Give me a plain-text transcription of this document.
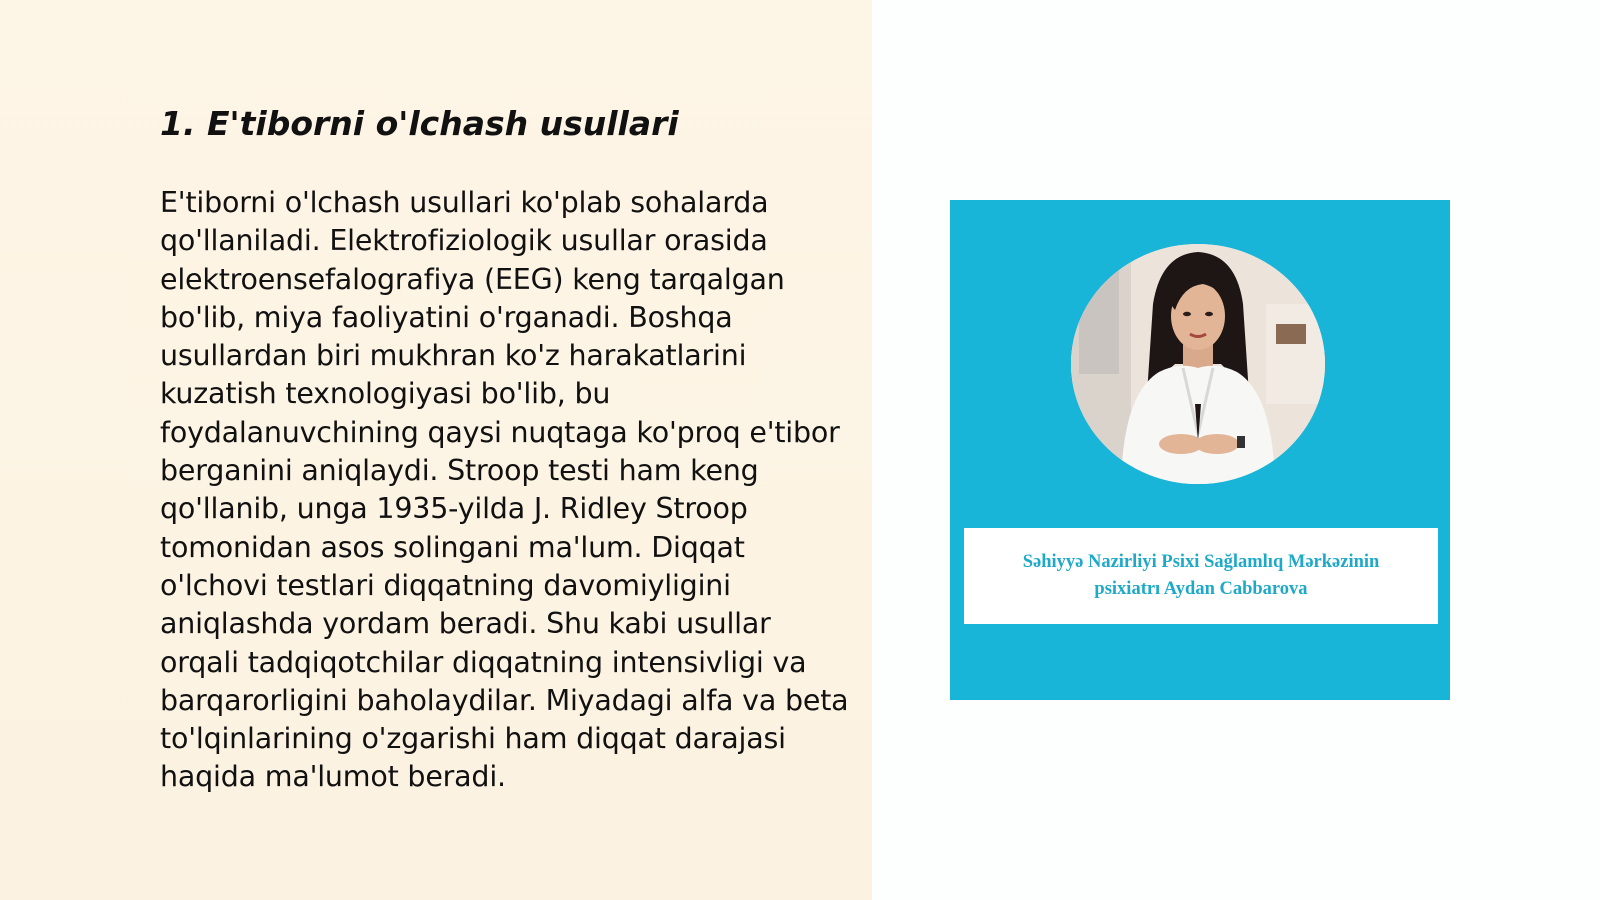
1. E'tiborni o'lchash usullari

E'tiborni o'lchash usullari ko'plab sohalarda qo'llaniladi. Elektrofiziologik usullar orasida elektroensefalografiya (EEG) keng tarqalgan bo'lib, miya faoliyatini o'rganadi. Boshqa usullardan biri mukhran ko'z harakatlarini kuzatish texnologiyasi bo'lib, bu foydalanuvchining qaysi nuqtaga ko'proq e'tibor berganini aniqlaydi. Stroop testi ham keng qo'llanib, unga 1935-yilda J. Ridley Stroop tomonidan asos solingani ma'lum. Diqqat o'lchovi testlari diqqatning davomiyligini aniqlashda yordam beradi. Shu kabi usullar orqali tadqiqotchilar diqqatning intensivligi va barqarorligini baholaydilar. Miyadagi alfa va beta to'lqinlarining o'zgarishi ham diqqat darajasi haqida ma'lumot beradi.

Səhiyyə Nazirliyi Psixi Sağlamlıq Mərkəzinin
psixiatrı Aydan Cabbarova
